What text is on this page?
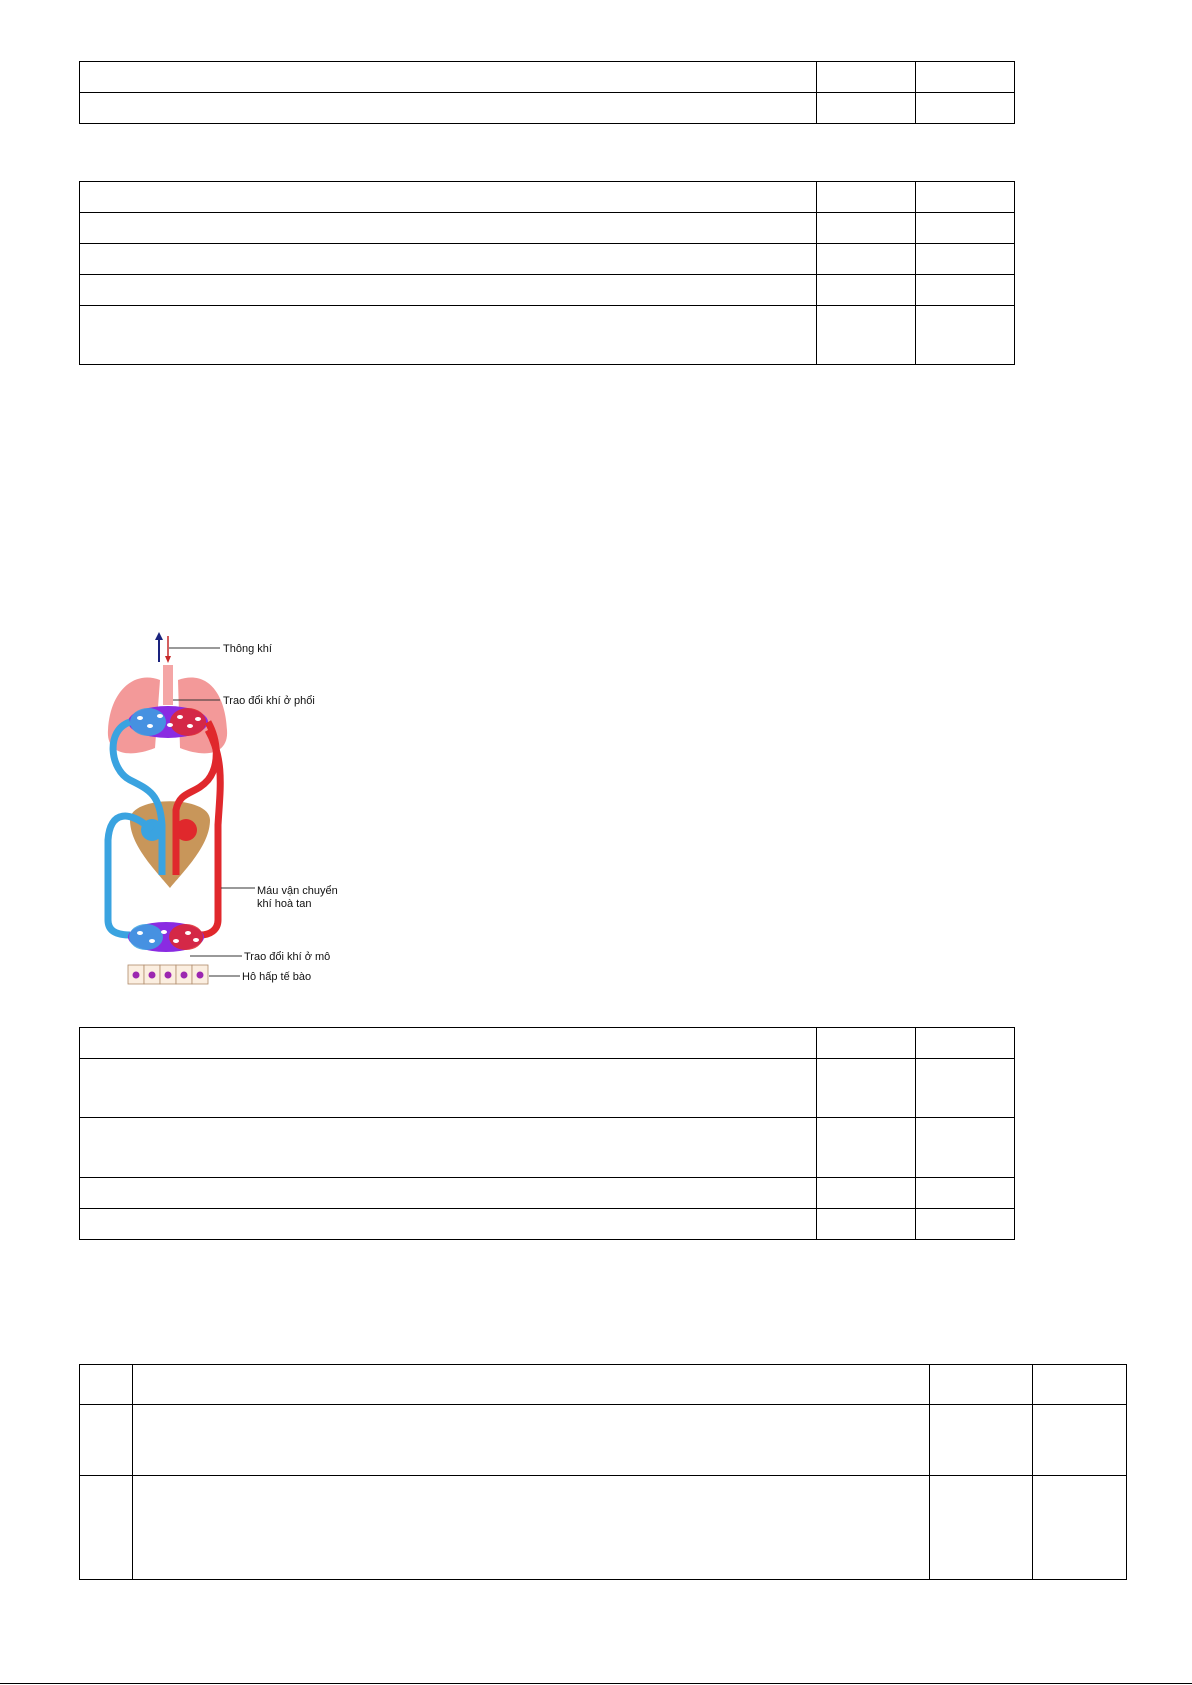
Thông khí
Trao đổi khí ở phổi
Máu vận chuyển
khí hoà tan
Trao đổi khí ở mô
Hô hấp tế bào
